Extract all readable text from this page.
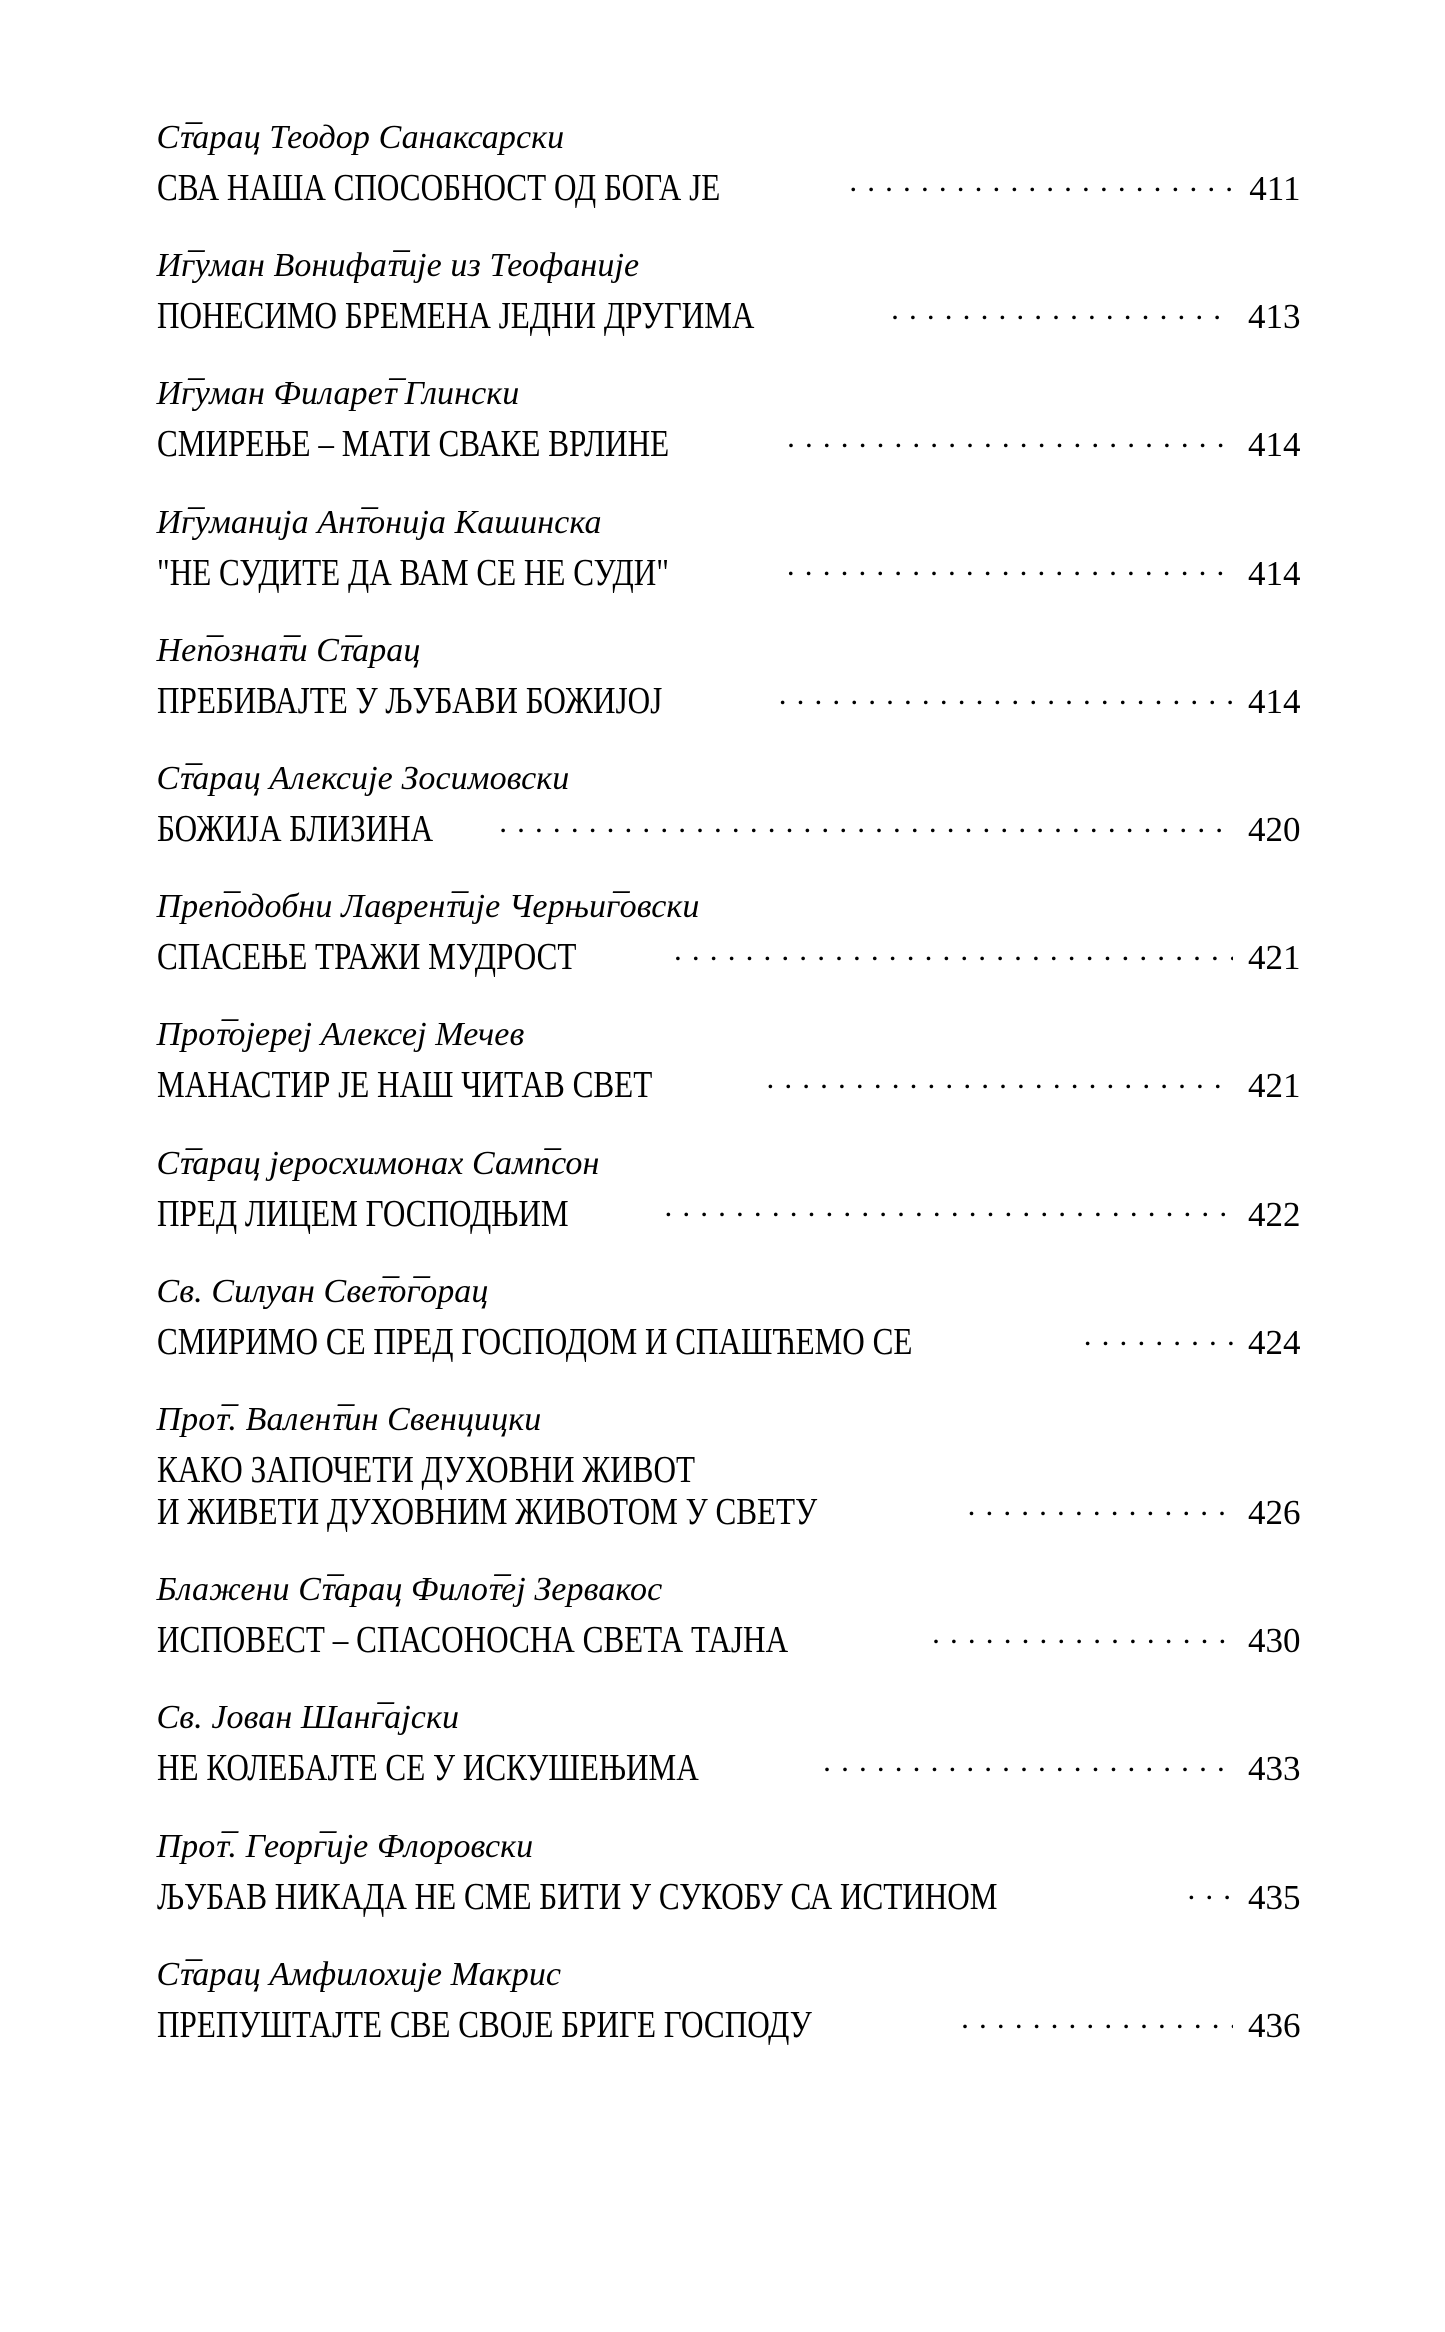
Сᴛ̅арац Теодор Санаксарски
СВА НАША СПОСОБНОСТ ОД БОГА ЈЕ . . .	411
Иᴦ̅уман Вонифаᴛ̅ије из Теофаније
ПОНЕСИМО БРЕМЕНА ЈЕДНИ ДРУГИМА . . .	413
Иᴦ̅уман Филареᴛ̅ Глински
СМИРЕЊЕ – МАТИ СВАКЕ ВРЛИНЕ . . .	414
Иᴦ̅уманија Анᴛ̅онија Кашинска
"НЕ СУДИТЕ ДА ВАМ СЕ НЕ СУДИ" . . .	414
Неᴨ̅ознаᴛ̅и Сᴛ̅арац
ПРЕБИВАЈТЕ У ЉУБАВИ БОЖИЈОЈ . . .	414
Сᴛ̅арац Алексије Зосимовски
БОЖИЈА БЛИЗИНА . . .	420
Преᴨ̅одобни Лавренᴛ̅ије Черњиᴦ̅овски
СПАСЕЊЕ ТРАЖИ МУДРОСТ . . .	421
Проᴛ̅ојереј Алексеј Мечев
МАНАСТИР ЈЕ НАШ ЧИТАВ СВЕТ . . .	421
Сᴛ̅арац јеросхимонах Самᴨ̅сон
ПРЕД ЛИЦЕМ ГОСПОДЊИМ . . .	422
Св. Силуан Свеᴛ̅оᴦ̅орац
СМИРИМО СЕ ПРЕД ГОСПОДОМ И СПАШЋЕМО СЕ . . .	424
Проᴛ̅. Валенᴛ̅ин Свенцицки
КАКО ЗАПОЧЕТИ ДУХОВНИ ЖИВОТ
И ЖИВЕТИ ДУХОВНИМ ЖИВОТОМ У СВЕТУ . . .	426
Блажени Сᴛ̅арац Филоᴛ̅еј Зервакос
ИСПОВЕСТ – СПАСОНОСНА СВЕТА ТАЈНА . . .	430
Св. Јован Шанᴦ̅ајски
НЕ КОЛЕБАЈТЕ СЕ У ИСКУШЕЊИМА . . .	433
Проᴛ̅. Георᴦ̅ије Флоровски
ЉУБАВ НИКАДА НЕ СМЕ БИТИ У СУКОБУ СА ИСТИНОМ . . .	435
Сᴛ̅арац Амфилохије Макрис
ПРЕПУШТАЈТЕ СВЕ СВОЈЕ БРИГЕ ГОСПОДУ . . .	436
